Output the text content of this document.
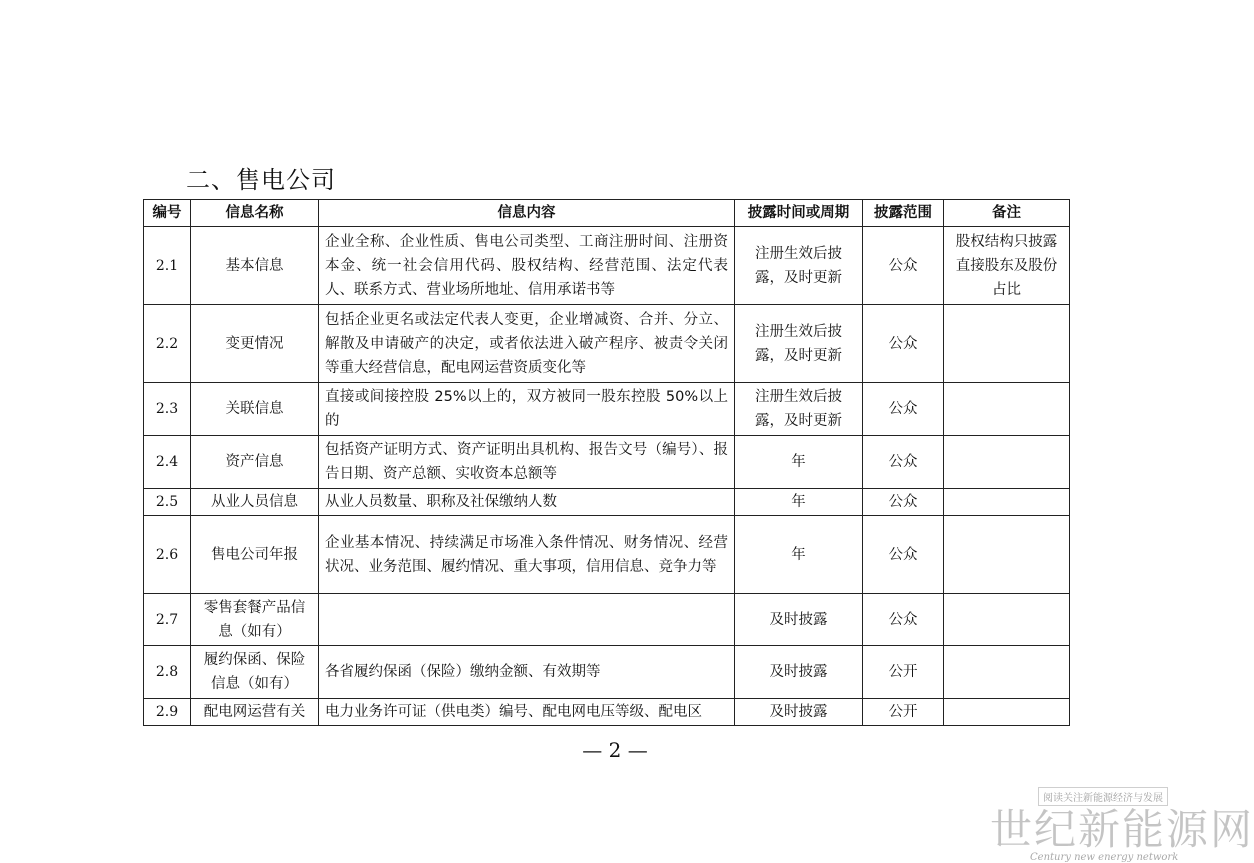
二、售电公司
编号	信息名称	信息内容	披露时间或周期	披露范围	备注
2.1	基本信息	企业全称、企业性质、售电公司类型、工商注册时间、注册资本金、统一社会信用代码、股权结构、经营范围、法定代表人、联系方式、营业场所地址、信用承诺书等	注册生效后披露，及时更新	公众	股权结构只披露直接股东及股份占比
2.2	变更情况	包括企业更名或法定代表人变更，企业增减资、合并、分立、解散及申请破产的决定，或者依法进入破产程序、被责令关闭等重大经营信息，配电网运营资质变化等	注册生效后披露，及时更新	公众	
2.3	关联信息	直接或间接控股 25%以上的，双方被同一股东控股 50%以上的	注册生效后披露，及时更新	公众	
2.4	资产信息	包括资产证明方式、资产证明出具机构、报告文号（编号）、报告日期、资产总额、实收资本总额等	年	公众	
2.5	从业人员信息	从业人员数量、职称及社保缴纳人数	年	公众	
2.6	售电公司年报	企业基本情况、持续满足市场准入条件情况、财务情况、经营状况、业务范围、履约情况、重大事项，信用信息、竞争力等	年	公众	
2.7	零售套餐产品信息（如有）		及时披露	公众	
2.8	履约保函、保险信息（如有）	各省履约保函（保险）缴纳金额、有效期等	及时披露	公开	
2.9	配电网运营有关	电力业务许可证（供电类）编号、配电网电压等级、配电区	及时披露	公开	
— 2 —
阅读关注新能源经济与发展
世纪新能源网
Century new energy network
